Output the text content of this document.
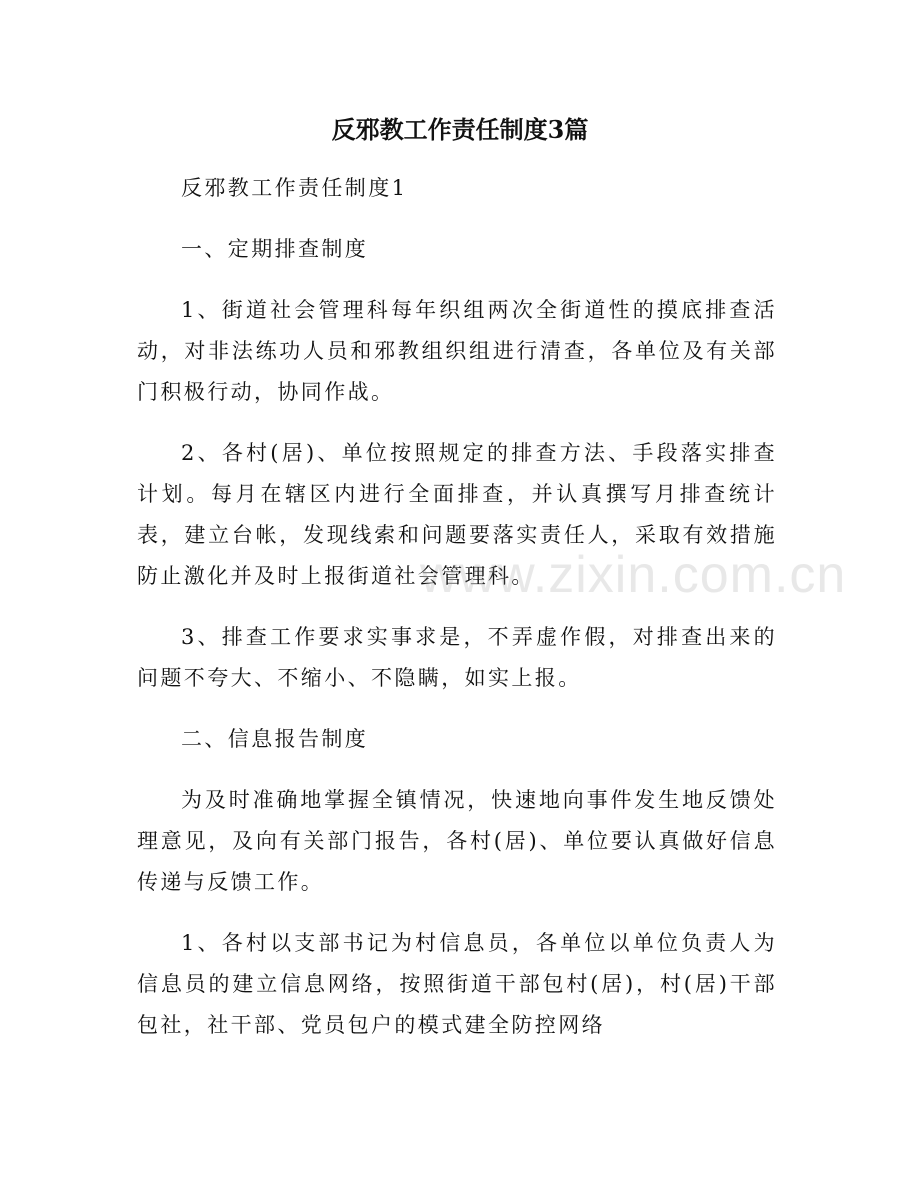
反邪教工作责任制度3篇

反邪教工作责任制度1

一、定期排查制度

1、街道社会管理科每年织组两次全街道性的摸底排查活动，对非法练功人员和邪教组织组进行清查，各单位及有关部门积极行动，协同作战。

2、各村(居)、单位按照规定的排查方法、手段落实排查计划。每月在辖区内进行全面排查，并认真撰写月排查统计表，建立台帐，发现线索和问题要落实责任人，采取有效措施防止激化并及时上报街道社会管理科。

3、排查工作要求实事求是，不弄虚作假，对排查出来的问题不夸大、不缩小、不隐瞒，如实上报。

二、信息报告制度

为及时准确地掌握全镇情况，快速地向事件发生地反馈处理意见，及向有关部门报告，各村(居)、单位要认真做好信息传递与反馈工作。

1、各村以支部书记为村信息员，各单位以单位负责人为信息员的建立信息网络，按照街道干部包村(居)，村(居)干部包社，社干部、党员包户的模式建全防控网络

www.zixin.com.cn
